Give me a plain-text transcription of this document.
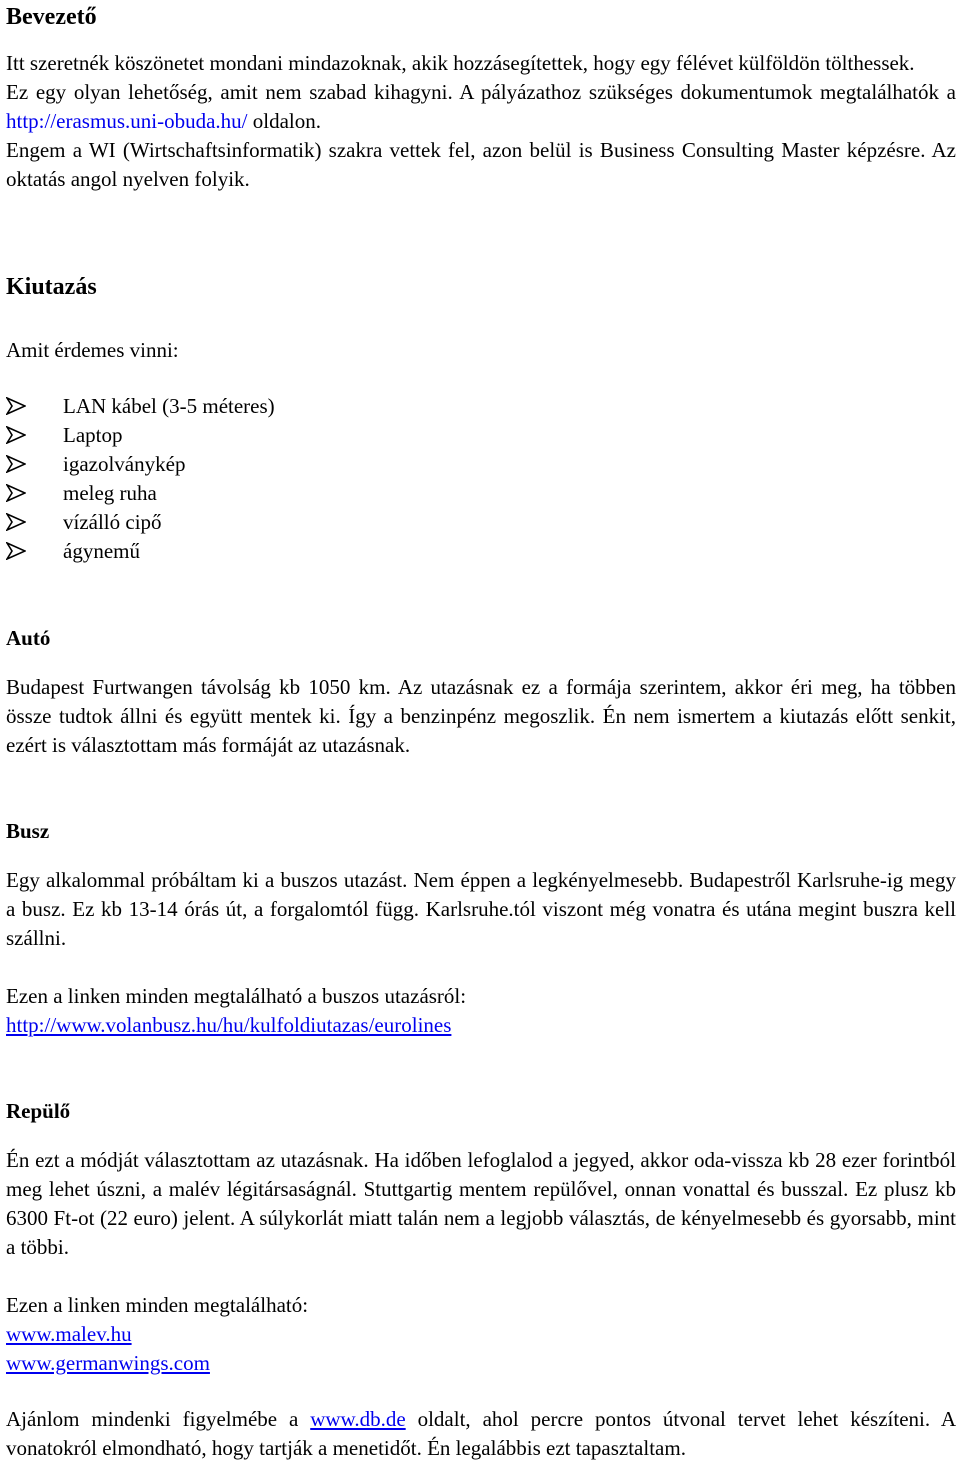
Bevezető

Itt szeretnék köszönetet mondani mindazoknak, akik hozzásegítettek, hogy egy félévet külföldön tölthessek.

Ez egy olyan lehetőség, amit nem szabad kihagyni. A pályázathoz szükséges dokumentumok megtalálhatók a http://erasmus.uni-obuda.hu/ oldalon.

Engem a WI (Wirtschaftsinformatik) szakra vettek fel, azon belül is Business Consulting Master képzésre. Az oktatás angol nyelven folyik.

Kiutazás
Amit érdemes vinni:
LAN kábel (3-5 méteres)
Laptop
igazolványkép
meleg ruha
vízálló cipő
ágynemű
Autó

Budapest Furtwangen távolság kb 1050 km. Az utazásnak ez a formája szerintem, akkor éri meg, ha többen össze tudtok állni és együtt mentek ki. Így a benzinpénz megoszlik. Én nem ismertem a kiutazás előtt senkit, ezért is választottam más formáját az utazásnak.

Busz

Egy alkalommal próbáltam ki a buszos utazást. Nem éppen a legkényelmesebb. Budapestről Karlsruhe-ig megy a busz. Ez kb 13-14 órás út, a forgalomtól függ. Karlsruhe.tól viszont még vonatra és utána megint buszra kell szállni.

Ezen a linken minden megtalálható a buszos utazásról:
http://www.volanbusz.hu/hu/kulfoldiutazas/eurolines
Repülő

Én ezt a módját választottam az utazásnak. Ha időben lefoglalod a jegyed, akkor oda-vissza kb 28 ezer forintból meg lehet úszni, a malév légitársaságnál. Stuttgartig mentem repülővel, onnan vonattal és busszal. Ez plusz kb 6300 Ft-ot (22 euro) jelent. A súlykorlát miatt talán nem a legjobb választás, de kényelmesebb és gyorsabb, mint a többi.

Ezen a linken minden megtalálható:
www.malev.hu
www.germanwings.com

Ajánlom mindenki figyelmébe a www.db.de oldalt, ahol percre pontos útvonal tervet lehet készíteni. A vonatokról elmondható, hogy tartják a menetidőt. Én legalábbis ezt tapasztaltam.
